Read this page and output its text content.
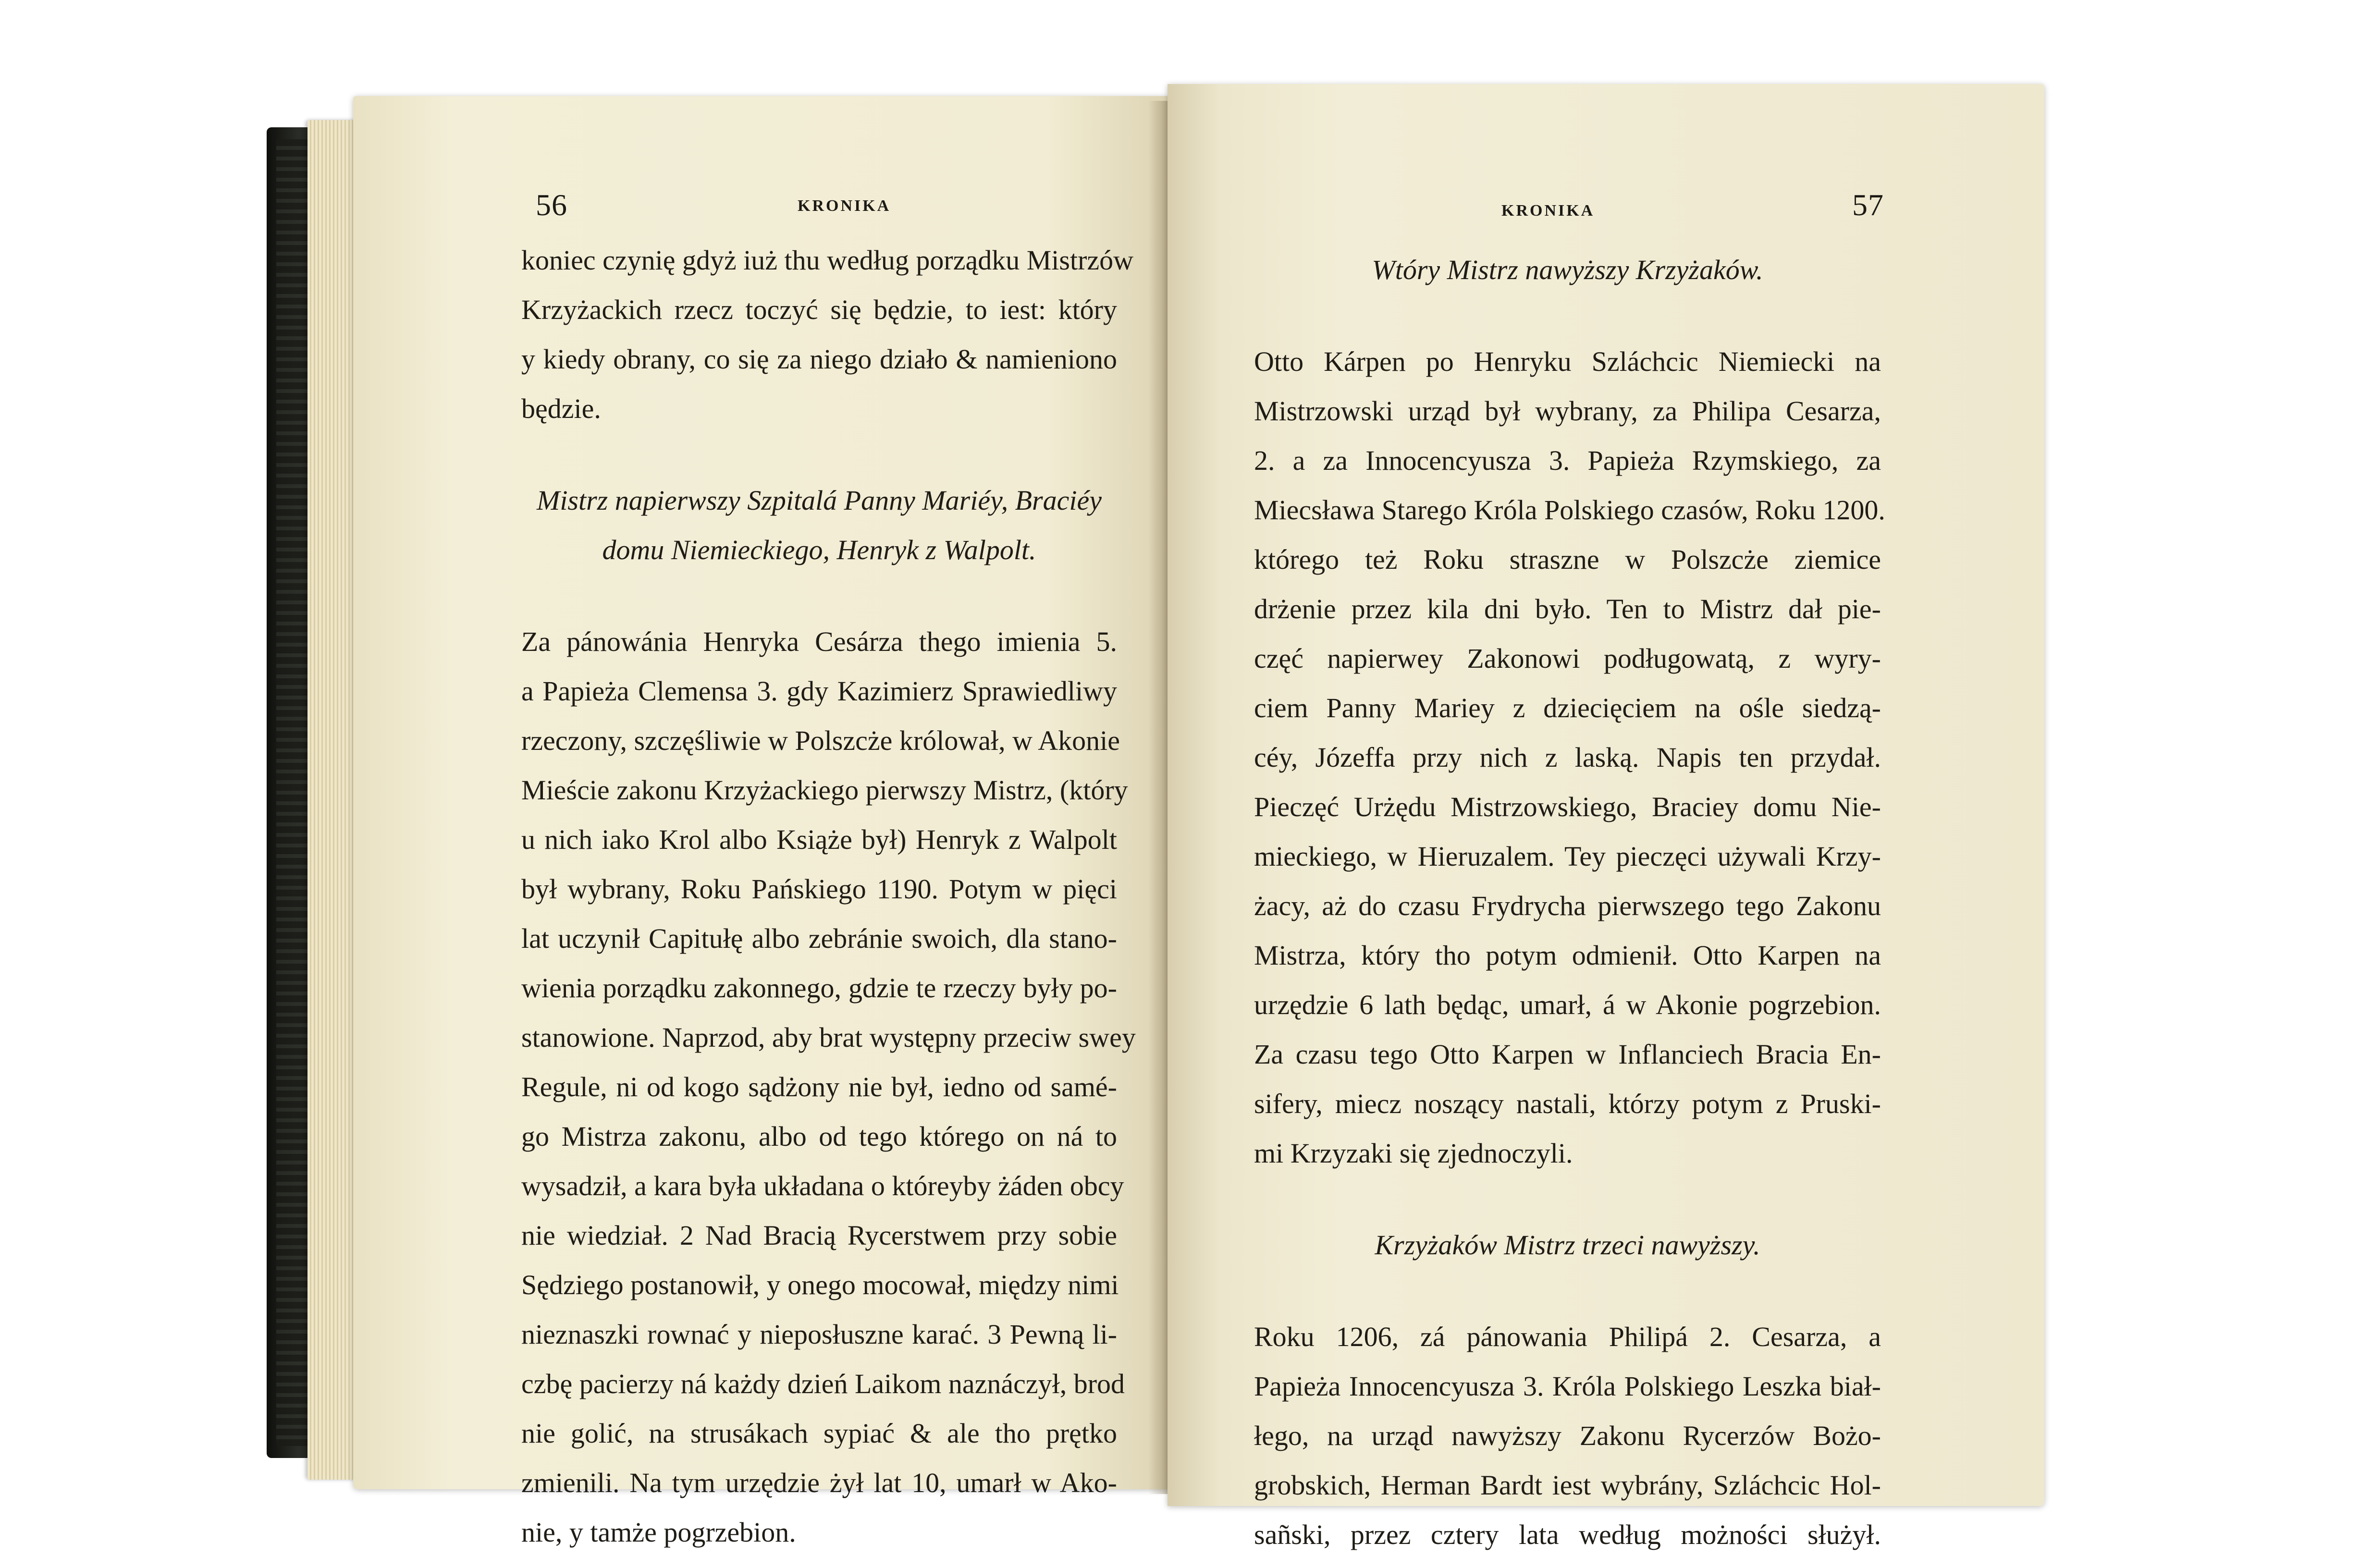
56	KRONIKA
koniec czynię gdyż iuż thu według porządku Mistrzów
Krzyżackich rzecz toczyć się będzie, to iest: który
y kiedy obrany, co się za niego działo & namieniono
będzie.
Mistrz napierwszy Szpitalá Panny Mariéy, Braciéy
domu Niemieckiego, Henryk z Walpolt.
Za pánowánia Henryka Cesárza thego imienia 5.
a Papieża Clemensa 3. gdy Kazimierz Sprawiedliwy
rzeczony, szczęśliwie w Polszcże królował, w Akonie
Mieście zakonu Krzyżackiego pierwszy Mistrz, (który
u nich iako Krol albo Książe był) Henryk z Walpolt
był wybrany, Roku Pańskiego 1190. Potym w pięci
lat uczynił Capitułę albo zebránie swoich, dla stano-
wienia porządku zakonnego, gdzie te rzeczy były po-
stanowione. Naprzod, aby brat występny przeciw swey
Regule, ni od kogo sądżony nie był, iedno od samé-
go Mistrza zakonu, albo od tego którego on ná to
wysadził, a kara była układana o któreyby żáden obcy
nie wiedział. 2 Nad Bracią Rycerstwem przy sobie
Sędziego postanowił, y onego mocował, między nimi
nieznaszki rownać y nieposłuszne karać. 3 Pewną li-
czbę pacierzy ná każdy dzień Laikom naznáczył, brod
nie golić, na strusákach sypiać & ale tho prętko
zmienili. Na tym urzędzie żył lat 10, umarł w Ako-
nie, y tamże pogrzebion.
KRONIKA	57
Wtóry Mistrz nawyższy Krzyżaków.
Otto Kárpen po Henryku Szláchcic Niemiecki na
Mistrzowski urząd był wybrany, za Philipa Cesarza,
2. a za Innocencyusza 3. Papieża Rzymskiego, za
Miecsława Starego Króla Polskiego czasów, Roku 1200.
którego też Roku straszne w Polszcże ziemice
drżenie przez kila dni było. Ten to Mistrz dał pie-
częć napierwey Zakonowi podługowatą, z wyry-
ciem Panny Mariey z dziecięciem na ośle siedzą-
céy, Józeffa przy nich z laską. Napis ten przydał.
Pieczęć Urżędu Mistrzowskiego, Braciey domu Nie-
mieckiego, w Hieruzalem. Tey pieczęci używali Krzy-
żacy, aż do czasu Frydrycha pierwszego tego Zakonu
Mistrza, który tho potym odmienił. Otto Karpen na
urzędzie 6 lath będąc, umarł, á w Akonie pogrzebion.
Za czasu tego Otto Karpen w Inflanciech Bracia En-
sifery, miecz noszący nastali, którzy potym z Pruski-
mi Krzyzaki się zjednoczyli.
Krzyżaków Mistrz trzeci nawyższy.
Roku 1206, zá pánowania Philipá 2. Cesarza, a
Papieża Innocencyusza 3. Króla Polskiego Leszka biał-
łego, na urząd nawyższy Zakonu Rycerzów Bożo-
grobskich, Herman Bardt iest wybrány, Szláchcic Hol-
sañski, przez cztery lata według możności służył.
